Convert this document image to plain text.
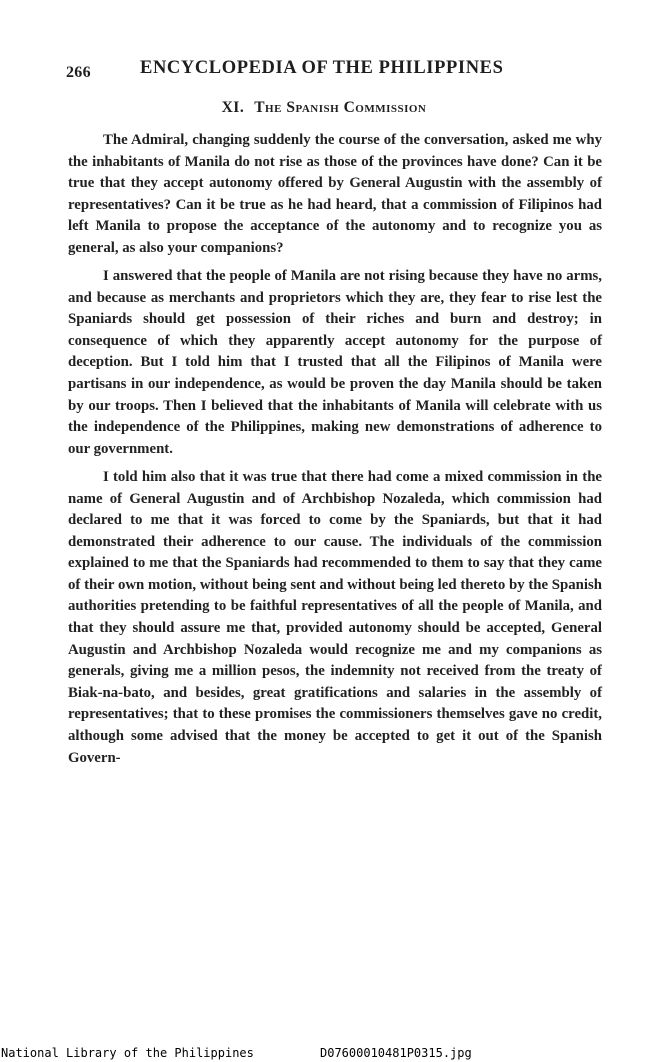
266	ENCYCLOPEDIA OF THE PHILIPPINES
XI. The Spanish Commission

The Admiral, changing suddenly the course of the conversation, asked me why the inhabitants of Manila do not rise as those of the provinces have done? Can it be true that they accept autonomy offered by General Augustin with the assembly of representatives? Can it be true as he had heard, that a commission of Filipinos had left Manila to propose the acceptance of the autonomy and to recognize you as general, as also your companions?

I answered that the people of Manila are not rising because they have no arms, and because as merchants and proprietors which they are, they fear to rise lest the Spaniards should get possession of their riches and burn and destroy; in consequence of which they apparently accept autonomy for the purpose of deception. But I told him that I trusted that all the Filipinos of Manila were partisans in our independence, as would be proven the day Manila should be taken by our troops. Then I believed that the inhabitants of Manila will celebrate with us the independence of the Philippines, making new demonstrations of adherence to our government.

I told him also that it was true that there had come a mixed commission in the name of General Augustin and of Archbishop Nozaleda, which commission had declared to me that it was forced to come by the Spaniards, but that it had demonstrated their adherence to our cause. The individuals of the commission explained to me that the Spaniards had recommended to them to say that they came of their own motion, without being sent and without being led thereto by the Spanish authorities pretending to be faithful representatives of all the people of Manila, and that they should assure me that, provided autonomy should be accepted, General Augustin and Archbishop Nozaleda would recognize me and my companions as generals, giving me a million pesos, the indemnity not received from the treaty of Biak-na-bato, and besides, great gratifications and salaries in the assembly of representatives; that to these promises the commissioners themselves gave no credit, although some advised that the money be accepted to get it out of the Spanish Govern-

National Library of the Philippines	D07600010481P0315.jpg
